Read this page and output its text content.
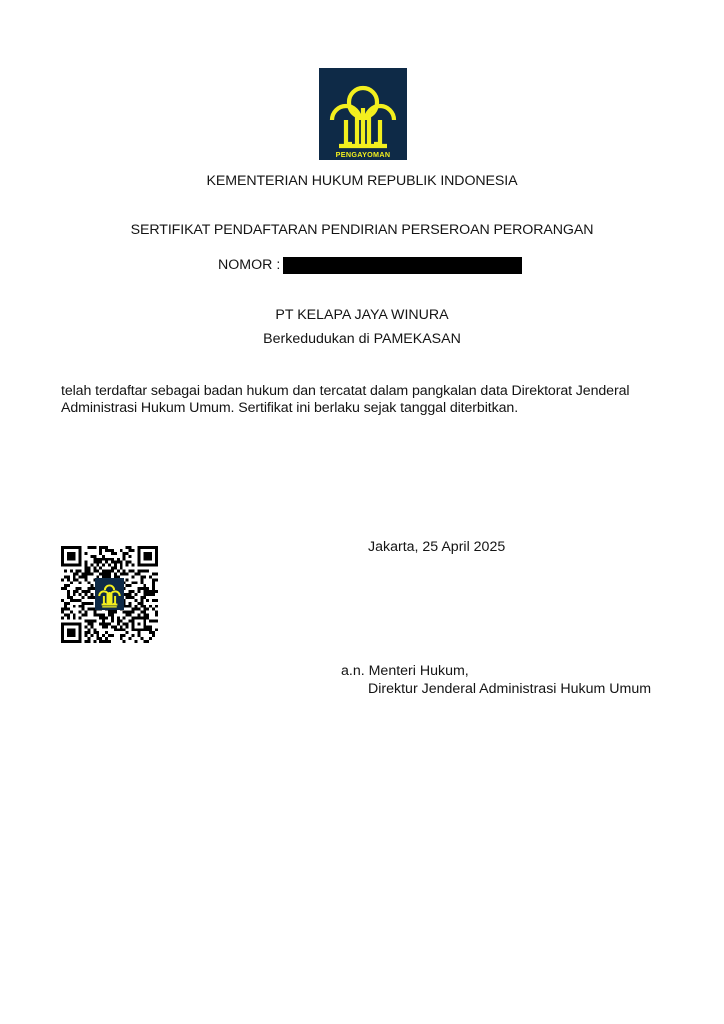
PENGAYOMAN
KEMENTERIAN HUKUM REPUBLIK INDONESIA
SERTIFIKAT PENDAFTARAN PENDIRIAN PERSEROAN PERORANGAN
NOMOR :
PT KELAPA JAYA WINURA
Berkedudukan di PAMEKASAN
telah terdaftar sebagai badan hukum dan tercatat dalam pangkalan data Direktorat Jenderal Administrasi Hukum Umum. Sertifikat ini berlaku sejak tanggal diterbitkan.
Jakarta, 25 April 2025
a.n. Menteri Hukum,
Direktur Jenderal Administrasi Hukum Umum
